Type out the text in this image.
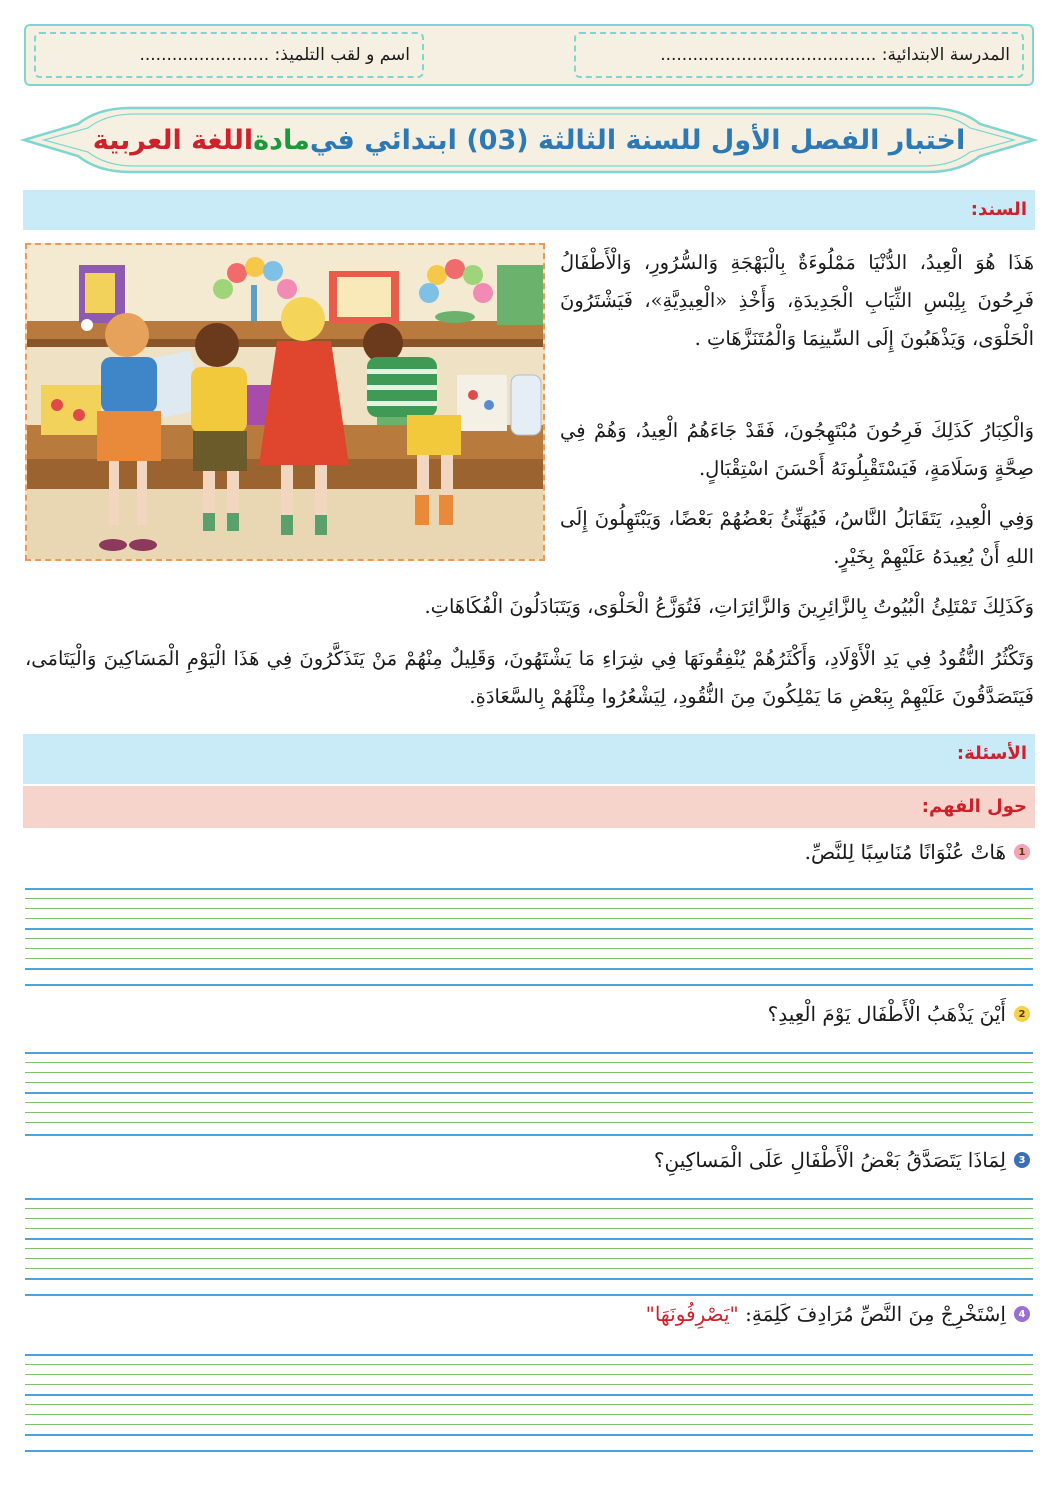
المدرسة الابتدائية: ........................................
اسم و لقب التلميذ: ........................
اختبار الفصل الأول للسنة الثالثة (03) ابتدائي في
مادة
اللغة العربية
السند:
هَذَا هُوَ الْعِيدُ، الدُّنْيَا مَمْلُوءَةٌ بِالْبَهْجَةِ وَالسُّرُورِ، وَالْأَطْفَالُ فَرِحُونَ بِلِبْسِ الثِّيَابِ الْجَدِيدَةِ، وَأَخْذِ «الْعِيدِيَّةِ»، فَيَشْتَرُونَ الْحَلْوَى، وَيَذْهَبُونَ إِلَى السِّينِمَا وَالْمُتَنَزَّهَاتِ .
وَالْكِبَارُ كَذَلِكَ فَرِحُونَ مُبْتَهِجُونَ، فَقَدْ جَاءَهُمُ الْعِيدُ، وَهُمْ فِي صِحَّةٍ وَسَلَامَةٍ، فَيَسْتَقْبِلُونَهُ أَحْسَنَ اسْتِقْبَالٍ.
وَفِي الْعِيدِ، يَتَقَابَلُ النَّاسُ، فَيُهَنِّئُ بَعْضُهُمْ بَعْضًا، وَيَبْتَهِلُونَ إِلَى اللهِ أَنْ يُعِيدَهُ عَلَيْهِمْ بِخَيْرٍ.
وَكَذَلِكَ تَمْتَلِئُ الْبُيُوتُ بِالزَّائِرِينَ وَالزَّائِرَاتِ، فَتُوَزَّعُ الْحَلْوَى، وَيَتَبَادَلُونَ الْفُكَاهَاتِ.
وَتَكْثُرُ النُّقُودُ فِي يَدِ الْأَوْلَادِ، وَأَكْثَرُهُمْ يُنْفِقُونَهَا فِي شِرَاءِ مَا يَشْتَهُونَ، وَقَلِيلٌ مِنْهُمْ مَنْ يَتَذَكَّرُونَ فِي هَذَا الْيَوْمِ الْمَسَاكِينَ وَالْيَتَامَى، فَيَتَصَدَّقُونَ عَلَيْهِمْ بِبَعْضِ مَا يَمْلِكُونَ مِنَ النُّقُودِ، لِيَشْعُرُوا مِثْلَهُمْ بِالسَّعَادَةِ.
الأسئلة:
حول الفهم:
1
هَاتْ عُنْوَانًا مُنَاسِبًا لِلنَّصِّ.
2
أَيْنَ يَذْهَبُ الْأَطْفَال يَوْمَ الْعِيدِ؟
3
لِمَاذَا يَتَصَدَّقُ بَعْضُ الْأَطْفَالِ عَلَى الْمَساكِينِ؟
4
اِسْتَخْرِجْ مِنَ النَّصِّ مُرَادِفَ كَلِمَةِ: "يَصْرِفُونَهَا"
